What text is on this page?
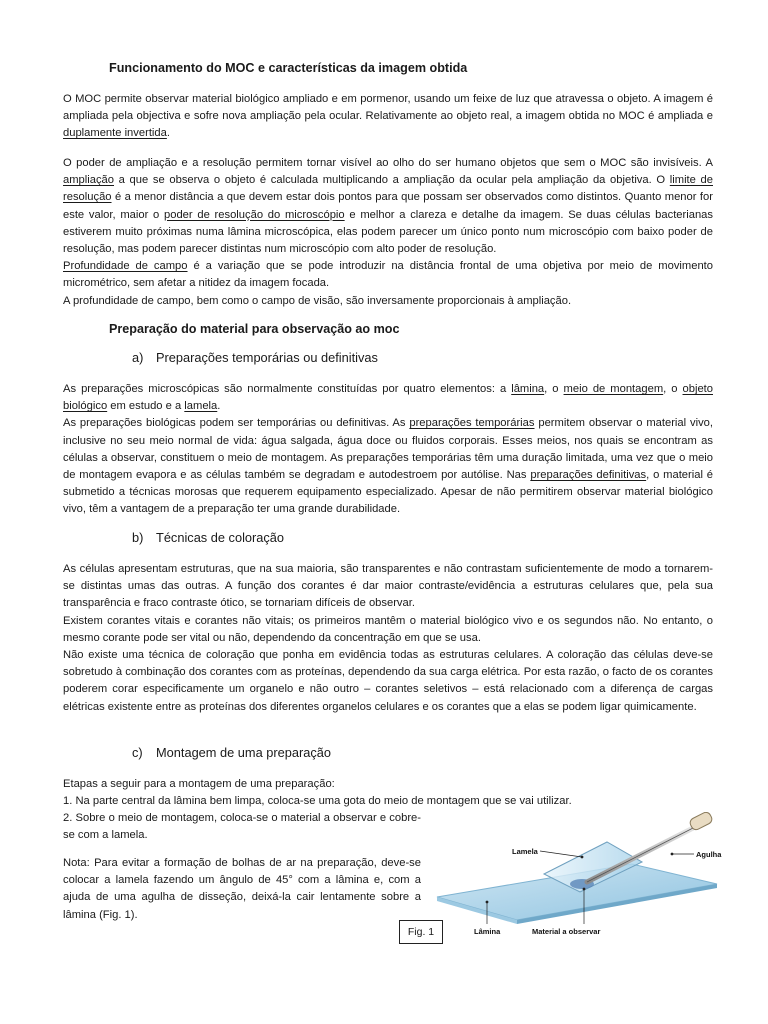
Funcionamento do MOC e características da imagem obtida

O MOC permite observar material biológico ampliado e em pormenor, usando um feixe de luz que atravessa o objeto. A imagem é ampliada pela objectiva e sofre nova ampliação pela ocular. Relativamente ao objeto real, a imagem obtida no MOC é ampliada e duplamente invertida.

O poder de ampliação e a resolução permitem tornar visível ao olho do ser humano objetos que sem o MOC são invisíveis. A ampliação a que se observa o objeto é calculada multiplicando a ampliação da ocular pela ampliação da objetiva. O limite de resolução é a menor distância a que devem estar dois pontos para que possam ser observados como distintos. Quanto menor for este valor, maior o poder de resolução do microscópio e melhor a clareza e detalhe da imagem. Se duas células bacterianas estiverem muito próximas numa lâmina microscópica, elas podem parecer um único ponto num microscópio com baixo poder de resolução, mas podem parecer distintas num microscópio com alto poder de resolução.

Profundidade de campo é a variação que se pode introduzir na distância frontal de uma objetiva por meio de movimento micrométrico, sem afetar a nitidez da imagem focada.

A profundidade de campo, bem como o campo de visão, são inversamente proporcionais à ampliação.

Preparação do material para observação ao moc
a) Preparações temporárias ou definitivas

As preparações microscópicas são normalmente constituídas por quatro elementos: a lâmina, o meio de montagem, o objeto biológico em estudo e a lamela.

As preparações biológicas podem ser temporárias ou definitivas. As preparações temporárias permitem observar o material vivo, inclusive no seu meio normal de vida: água salgada, água doce ou fluidos corporais. Esses meios, nos quais se encontram as células a observar, constituem o meio de montagem. As preparações temporárias têm uma duração limitada, uma vez que o meio de montagem evapora e as células também se degradam e autodestroem por autólise. Nas preparações definitivas, o material é submetido a técnicas morosas que requerem equipamento especializado. Apesar de não permitirem observar material biológico vivo, têm a vantagem de a preparação ter uma grande durabilidade.

b) Técnicas de coloração

As células apresentam estruturas, que na sua maioria, são transparentes e não contrastam suficientemente de modo a tornarem-se distintas umas das outras. A função dos corantes é dar maior contraste/evidência a estruturas celulares que, pela sua transparência e fraco contraste ótico, se tornariam difíceis de observar.

Existem corantes vitais e corantes não vitais; os primeiros mantêm o material biológico vivo e os segundos não. No entanto, o mesmo corante pode ser vital ou não, dependendo da concentração em que se usa.

Não existe uma técnica de coloração que ponha em evidência todas as estruturas celulares. A coloração das células deve-se sobretudo à combinação dos corantes com as proteínas, dependendo da sua carga elétrica. Por esta razão, o facto de os corantes poderem corar especificamente um organelo e não outro – corantes seletivos – está relacionado com a diferença de cargas elétricas existente entre as proteínas dos diferentes organelos celulares e os corantes que a elas se podem ligar quimicamente.

c) Montagem de uma preparação

Etapas a seguir para a montagem de uma preparação:

1. Na parte central da lâmina bem limpa, coloca-se uma gota do meio de montagem que se vai utilizar.

2. Sobre o meio de montagem, coloca-se o material a observar e cobre-se com a lamela.

Nota: Para evitar a formação de bolhas de ar na preparação, deve-se colocar a lamela fazendo um ângulo de 45° com a lâmina e, com a ajuda de uma agulha de disseção, deixá-la cair lentamente sobre a lâmina (Fig. 1).

Lamela	Agulha
Lâmina	Material a observar
Fig. 1
